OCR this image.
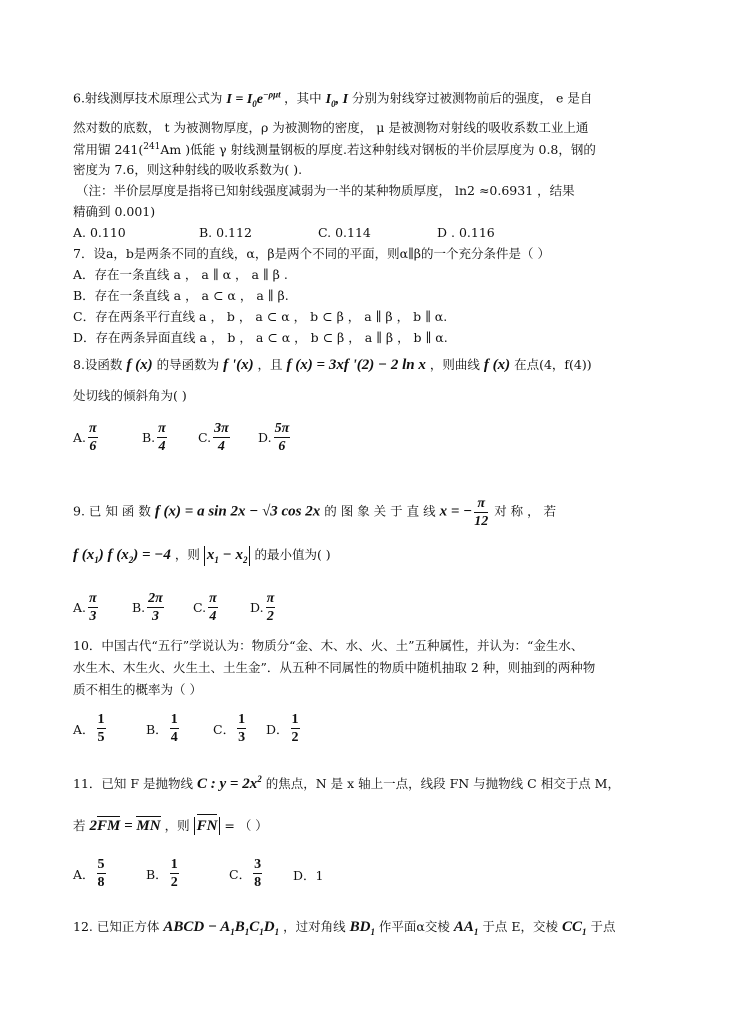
6.射线测厚技术原理公式为 $I = I_0e^{-\rho\mu t}$ ，其中 $I_0$, I 分别为射线穿过被测物前后的强度， e 是自
然对数的底数， t 为被测物厚度，ρ 为被测物的密度， μ 是被测物对射线的吸收系数工业上通
常用镅 241($^{241}$Am )低能 γ 射线测量钢板的厚度.若这种射线对钢板的半价层厚度为 0.8，钢的
密度为 7.6，则这种射线的吸收系数为( ).
（注：半价层厚度是指将已知射线强度减弱为一半的某种物质厚度， ln2 ≈0.6931 ，结果
精确到 0.001)
A. 0.110	B. 0.112	C. 0.114	D . 0.116
7．设a，b是两条不同的直线，α，β是两个不同的平面，则α∥β的一个充分条件是（ ）
A．存在一条直线 a ， a ∥ α ， a ∥ β .
B．存在一条直线 a ， a ⊂ α ， a ∥ β.
C．存在两条平行直线 a ， b ， a ⊂ α ， b ⊂ β ， a ∥ β ， b ∥ α.
D．存在两条异面直线 a ， b ， a ⊂ α ， b ⊂ β ， a ∥ β ， b ∥ α.
8.设函数 f (x) 的导函数为 f '(x) ，且 f (x) = 3xf '(2) − 2 ln x ，则曲线 f (x) 在点(4，f(4))
处切线的倾斜角为( )
A. $\frac{\pi}{6}$	B. $\frac{\pi}{4} C$. $\frac{3\pi}{4} D$. $\frac{5\pi}{6}$
9. 已 知 函 数 f (x) = a sin 2x − √3 cos 2x 的 图 象 关 于 直 线 x = − $\frac{\pi}{12}$ 对 称 ， 若
f $(x_1)$ f $(x_2) = -4$ ，则 $x_1 - x_2$ 的最小值为( )
A. $\frac{\pi}{3}$	B. $\frac{2\pi}{3} C$. $\frac{\pi}{4}$	D. $\frac{\pi}{2}$
10．中国古代“五行”学说认为：物质分“金、木、水、火、土”五种属性，并认为：“金生水、
水生木、木生火、火生土、土生金”．从五种不同属性的物质中随机抽取 2 种，则抽到的两种物
质不相生的概率为（ ）
A． $\frac{1}{5}$	B． $\frac{1}{4}$	C． $\frac{1}{3}$ D． $\frac{1}{2}$
11．已知 F 是抛物线 C : $y = 2x^2$ 的焦点，N 是 x 轴上一点，线段 FN 与抛物线 C 相交于点 M，
若 2FM = MN ，则 FN = （ ）
A． $\frac{5}{8}$	B． $\frac{1}{2}$	C． $\frac{3}{8}$ D．1
12. 已知正方体 ABCD − $A_1B_1C_1D_1$ ，过对角线 $BD_1$ 作平面α交棱 $AA_1$ 于点 E，交棱 $CC_1$ 于点
